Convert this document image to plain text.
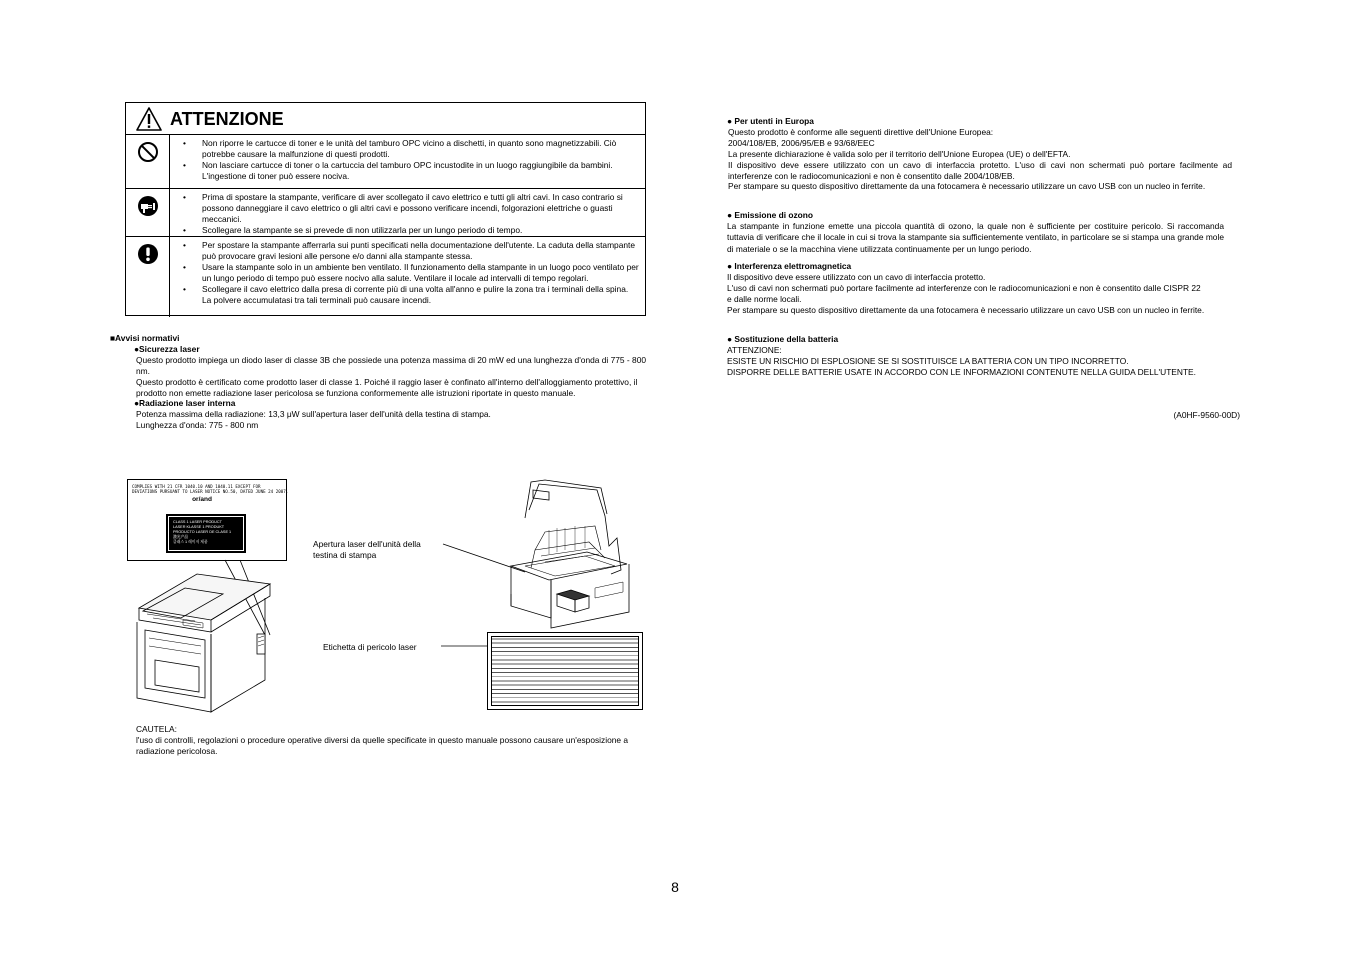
ATTENZIONE
• Non riporre le cartucce di toner e le unità del tamburo OPC vicino a dischetti, in quanto sono magnetizzabili. Ciò potrebbe causare la malfunzione di questi prodotti.
• Non lasciare cartucce di toner o la cartuccia del tamburo OPC incustodite in un luogo raggiungibile da bambini. L'ingestione di toner può essere nociva.
• Prima di spostare la stampante, verificare di aver scollegato il cavo elettrico e tutti gli altri cavi. In caso contrario si possono danneggiare il cavo elettrico o gli altri cavi e possono verificare incendi, folgorazioni elettriche o guasti meccanici.
• Scollegare la stampante se si prevede di non utilizzarla per un lungo periodo di tempo.
• Per spostare la stampante afferrarla sui punti specificati nella documentazione dell'utente. La caduta della stampante può provocare gravi lesioni alle persone e/o danni alla stampante stessa.
• Usare la stampante solo in un ambiente ben ventilato. Il funzionamento della stampante in un luogo poco ventilato per un lungo periodo di tempo può essere nocivo alla salute. Ventilare il locale ad intervalli di tempo regolari.
• Scollegare il cavo elettrico dalla presa di corrente più di una volta all'anno e pulire la zona tra i terminali della spina. La polvere accumulatasi tra tali terminali può causare incendi.

■Avvisi normativi

●Sicurezza laser

Questo prodotto impiega un diodo laser di classe 3B che possiede una potenza massima di 20 mW ed una lunghezza d'onda di 775 - 800 nm.

Questo prodotto è certificato come prodotto laser di classe 1. Poiché il raggio laser è confinato all'interno dell'alloggiamento protettivo, il prodotto non emette radiazione laser pericolosa se funziona conformemente alle istruzioni riportate in questo manuale.

●Radiazione laser interna

Potenza massima della radiazione: 13,3 μW sull'apertura laser dell'unità della testina di stampa.

Lunghezza d'onda: 775 - 800 nm

COMPLIES WITH 21 CFR 1040.10 AND 1040.11 EXCEPT FOR
DEVIATIONS PURSUANT TO LASER NOTICE NO.50, DATED JUNE 24 2007.
or/and
CLASS 1 LASER PRODUCT
LASER KLASSE 1 PRODUKT
PRODUCTO LASER DE CLASE 1
激光产品
클래스 1 레이저 제품	Apertura laser dell'unità della testina di stampa
Etichetta di pericolo laser

CAUTELA:

l'uso di controlli, regolazioni o procedure operative diversi da quelle specificate in questo manuale possono causare un'esposizione a radiazione pericolosa.

● Per utenti in Europa

Questo prodotto è conforme alle seguenti direttive dell'Unione Europea:

2004/108/EB, 2006/95/EB e 93/68/EEC

La presente dichiarazione è valida solo per il territorio dell'Unione Europea (UE) o dell'EFTA.

Il dispositivo deve essere utilizzato con un cavo di interfaccia protetto. L'uso di cavi non schermati può portare facilmente ad interferenze con le radiocomunicazioni e non è consentito dalle 2004/108/EB.

Per stampare su questo dispositivo direttamente da una fotocamera è necessario utilizzare un cavo USB con un nucleo in ferrite.

● Emissione di ozono

La stampante in funzione emette una piccola quantità di ozono, la quale non è sufficiente per costituire pericolo. Si raccomanda tuttavia di verificare che il locale in cui si trova la stampante sia sufficientemente ventilato, in particolare se si stampa una grande mole di materiale o se la macchina viene utilizzata continuamente per un lungo periodo.

● Interferenza elettromagnetica

Il dispositivo deve essere utilizzato con un cavo di interfaccia protetto.

L'uso di cavi non schermati può portare facilmente ad interferenze con le radiocomunicazioni e non è consentito dalle CISPR 22 e dalle norme locali.

Per stampare su questo dispositivo direttamente da una fotocamera è necessario utilizzare un cavo USB con un nucleo in ferrite.

● Sostituzione della batteria

ATTENZIONE:

ESISTE UN RISCHIO DI ESPLOSIONE SE SI SOSTITUISCE LA BATTERIA CON UN TIPO INCORRETTO.

DISPORRE DELLE BATTERIE USATE IN ACCORDO CON LE INFORMAZIONI CONTENUTE NELLA GUIDA DELL'UTENTE.

(A0HF-9560-00D)
8
